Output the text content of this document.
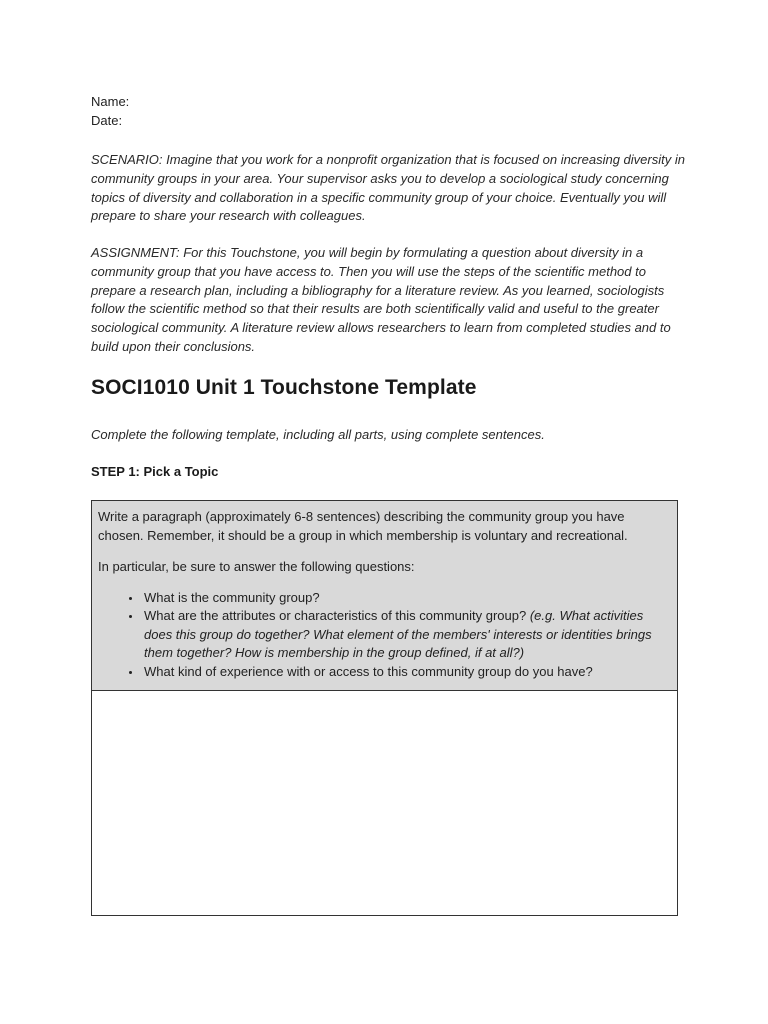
Name:
Date:
SCENARIO: Imagine that you work for a nonprofit organization that is focused on increasing diversity in community groups in your area. Your supervisor asks you to develop a sociological study concerning topics of diversity and collaboration in a specific community group of your choice. Eventually you will prepare to share your research with colleagues.
ASSIGNMENT: For this Touchstone, you will begin by formulating a question about diversity in a community group that you have access to. Then you will use the steps of the scientific method to prepare a research plan, including a bibliography for a literature review. As you learned, sociologists follow the scientific method so that their results are both scientifically valid and useful to the greater sociological community. A literature review allows researchers to learn from completed studies and to build upon their conclusions.
SOCI1010 Unit 1 Touchstone Template
Complete the following template, including all parts, using complete sentences.
STEP 1: Pick a Topic

Write a paragraph (approximately 6-8 sentences) describing the community group you have chosen. Remember, it should be a group in which membership is voluntary and recreational.

In particular, be sure to answer the following questions:

• What is the community group?
• What are the attributes or characteristics of this community group? (e.g. What activities does this group do together? What element of the members' interests or identities brings them together? How is membership in the group defined, if at all?)
• What kind of experience with or access to this community group do you have?
